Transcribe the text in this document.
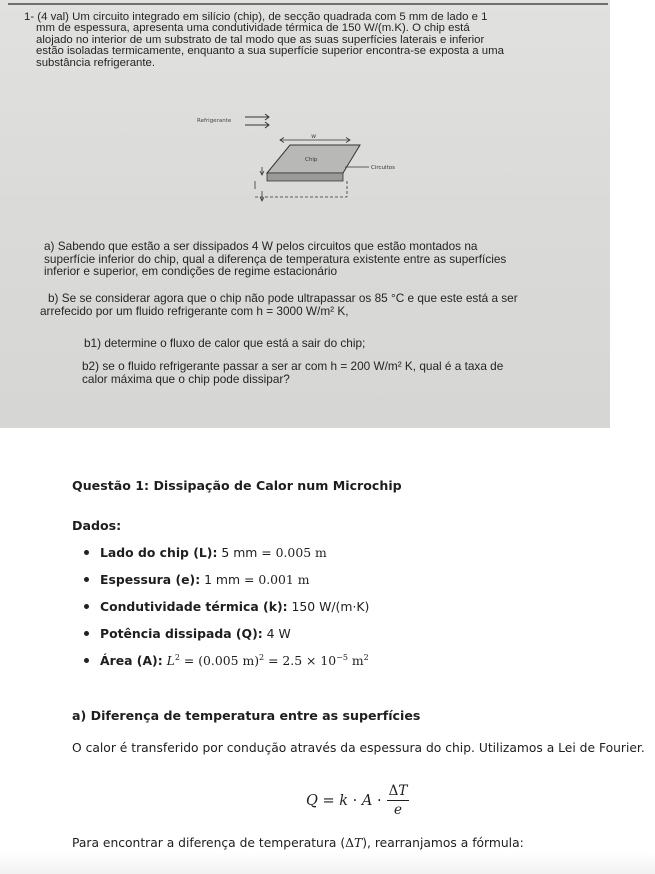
1- (4 val) Um circuito integrado em silício (chip), de secção quadrada com 5 mm de lado e 1
mm de espessura, apresenta uma condutividade térmica de 150 W/(m.K). O chip está
alojado no interior de um substrato de tal modo que as suas superfícies laterais e inferior
estão isoladas termicamente, enquanto a sua superfície superior encontra-se exposta a uma
substância refrigerante.

Refrigerante
w
Chip
Circuitos

a) Sabendo que estão a ser dissipados 4 W pelos circuitos que estão montados na
superfície inferior do chip, qual a diferença de temperatura existente entre as superfícies
inferior e superior, em condições de regime estacionário

b) Se se considerar agora que o chip não pode ultrapassar os 85 °C e que este está a ser
arrefecido por um fluido refrigerante com h = 3000 W/m² K,

b1) determine o fluxo de calor que está a sair do chip;

b2) se o fluido refrigerante passar a ser ar com h = 200 W/m² K, qual é a taxa de
calor máxima que o chip pode dissipar?

Questão 1: Dissipação de Calor num Microchip
Dados:
Lado do chip (L): 5 mm = 0.005 m
Espessura (e): 1 mm = 0.001 m
Condutividade térmica (k): 150 W/(m·K)
Potência dissipada (Q): 4 W
Área (A): $L^2 = (0.005$ $m)^2 = 2.5 \times 10^{-5}$ $m^2$
a) Diferença de temperatura entre as superfícies
O calor é transferido por condução através da espessura do chip. Utilizamos a Lei de Fourier.
$Q = k \cdot A \cdot \frac{\Delta T}{e}$
Para encontrar a diferença de temperatura (ΔT), rearranjamos a fórmula:
